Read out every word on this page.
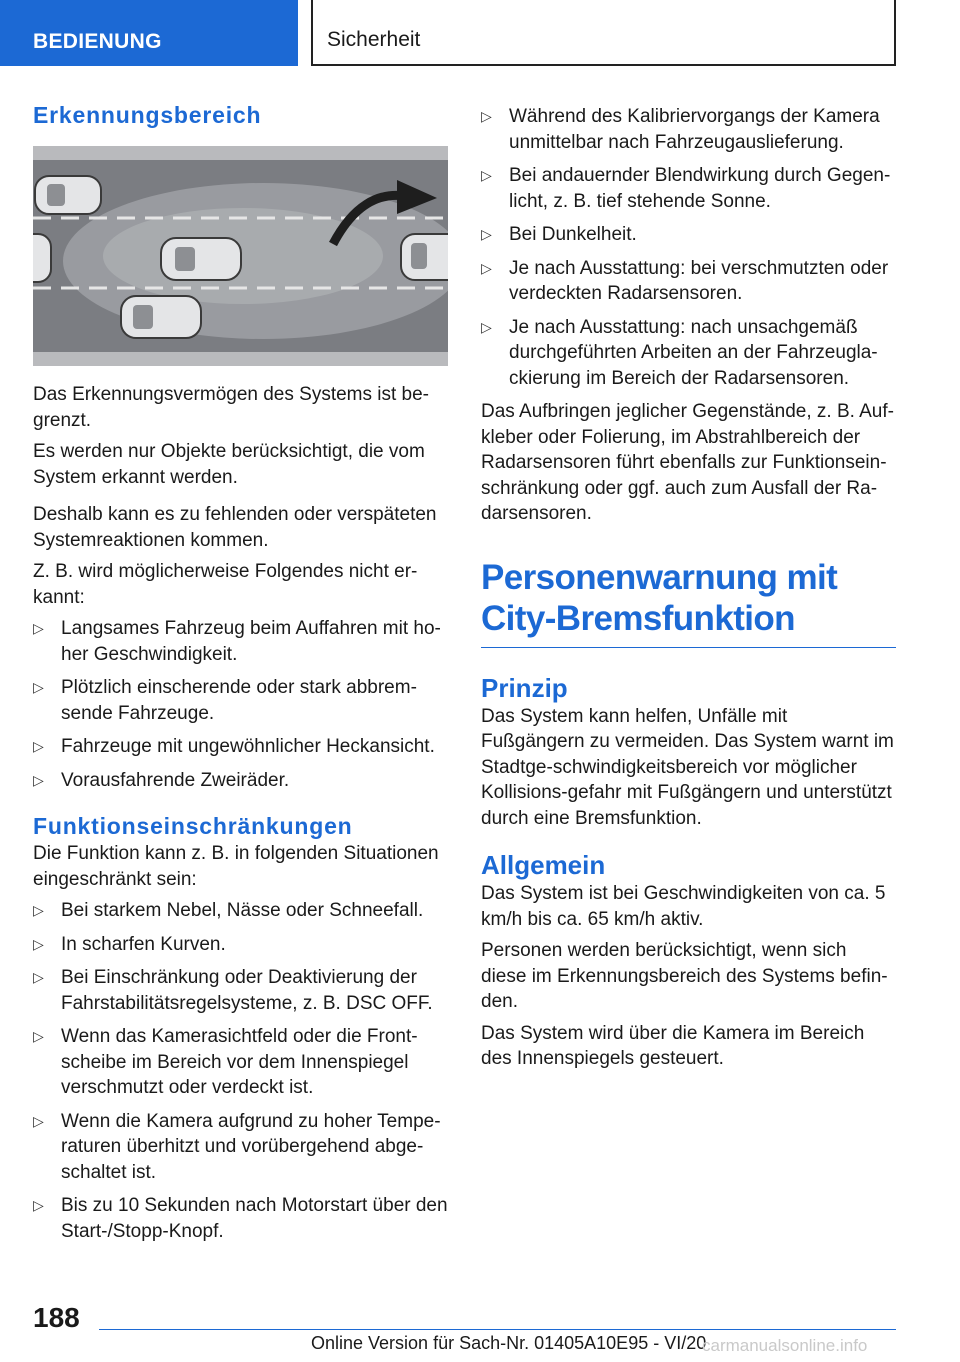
BEDIENUNG	Sicherheit
Erkennungsbereich

Das Erkennungsvermögen des Systems ist be-grenzt.

Es werden nur Objekte berücksichtigt, die vom System erkannt werden.

Deshalb kann es zu fehlenden oder verspäteten Systemreaktionen kommen.

Z. B. wird möglicherweise Folgendes nicht er-kannt:

▷ Langsames Fahrzeug beim Auffahren mit ho-her Geschwindigkeit.
▷ Plötzlich einscherende oder stark abbrem-sende Fahrzeuge.
▷ Fahrzeuge mit ungewöhnlicher Heckansicht.
▷ Vorausfahrende Zweiräder.
Funktionseinschränkungen

Die Funktion kann z. B. in folgenden Situationen eingeschränkt sein:

▷ Bei starkem Nebel, Nässe oder Schneefall.
▷ In scharfen Kurven.
▷ Bei Einschränkung oder Deaktivierung der Fahrstabilitätsregelsysteme, z. B. DSC OFF.
▷ Wenn das Kamerasichtfeld oder die Front-scheibe im Bereich vor dem Innenspiegel verschmutzt oder verdeckt ist.
▷ Wenn die Kamera aufgrund zu hoher Tempe-raturen überhitzt und vorübergehend abge-schaltet ist.
▷ Bis zu 10 Sekunden nach Motorstart über den Start-/Stopp-Knopf.
▷ Während des Kalibriervorgangs der Kamera unmittelbar nach Fahrzeugauslieferung.
▷ Bei andauernder Blendwirkung durch Gegen-licht, z. B. tief stehende Sonne.
▷ Bei Dunkelheit.
▷ Je nach Ausstattung: bei verschmutzten oder verdeckten Radarsensoren.
▷ Je nach Ausstattung: nach unsachgemäß durchgeführten Arbeiten an der Fahrzeugla-ckierung im Bereich der Radarsensoren.

Das Aufbringen jeglicher Gegenstände, z. B. Auf-kleber oder Folierung, im Abstrahlbereich der Radarsensoren führt ebenfalls zur Funktionsein-schränkung oder ggf. auch zum Ausfall der Ra-darsensoren.

Personenwarnung mit City-Bremsfunktion
Prinzip

Das System kann helfen, Unfälle mit Fußgängern zu vermeiden. Das System warnt im Stadtge-schwindigkeitsbereich vor möglicher Kollisions-gefahr mit Fußgängern und unterstützt durch eine Bremsfunktion.

Allgemein

Das System ist bei Geschwindigkeiten von ca. 5 km/h bis ca. 65 km/h aktiv.

Personen werden berücksichtigt, wenn sich diese im Erkennungsbereich des Systems befin-den.

Das System wird über die Kamera im Bereich des Innenspiegels gesteuert.

188
Online Version für Sach-Nr. 01405A10E95 - VI/20
carmanualsonline.info
